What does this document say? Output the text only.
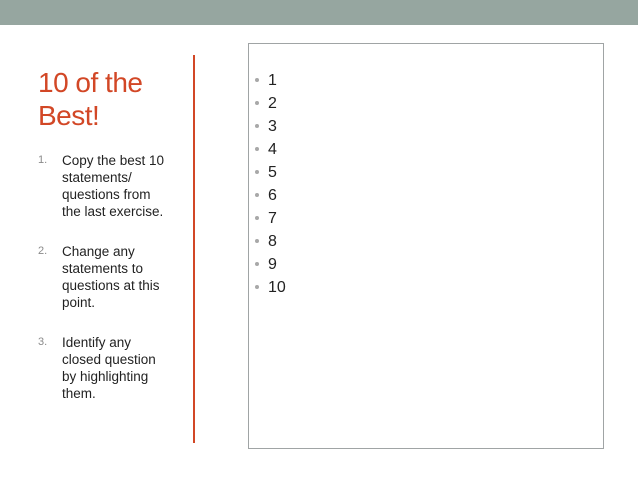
10 of the
Best!
1. Copy the best 10
statements/
questions from
the last exercise.
2. Change any
statements to
questions at this
point.
3. Identify any
closed question
by highlighting
them.
1
2
3
4
5
6
7
8
9
10
